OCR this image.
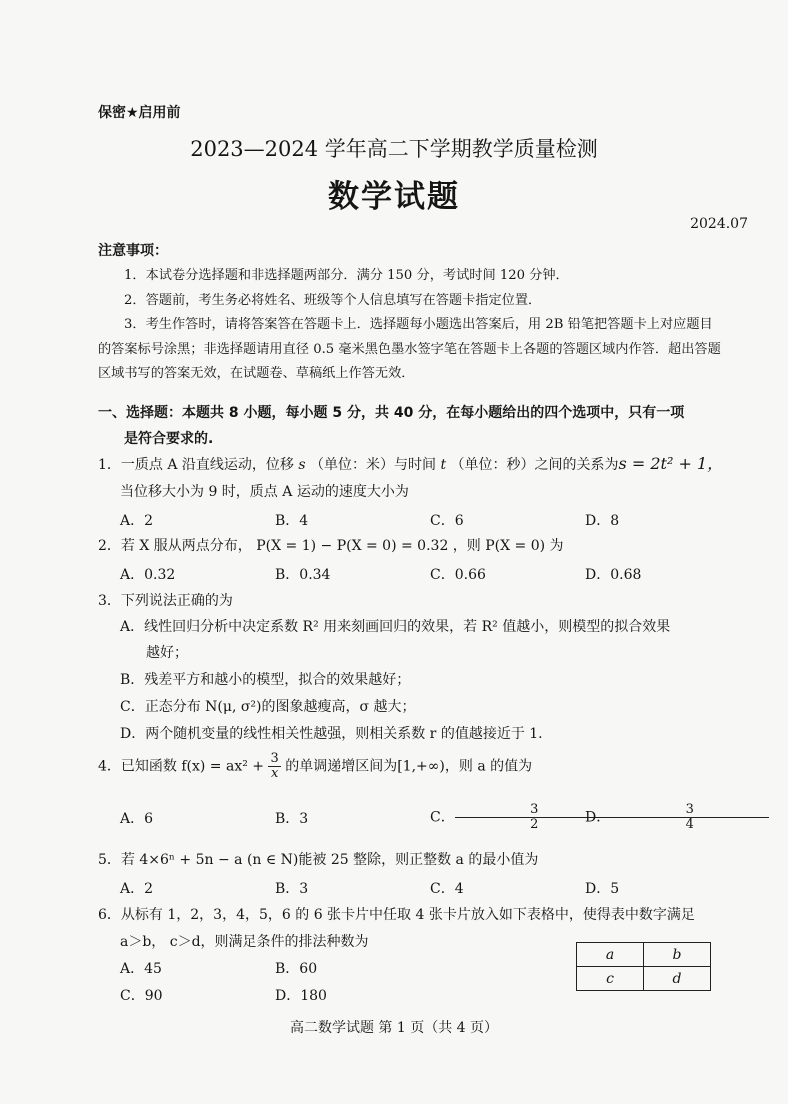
保密★启用前
2023—2024 学年高二下学期教学质量检测
数学试题
2024.07
注意事项：

1．本试卷分选择题和非选择题两部分．满分 150 分，考试时间 120 分钟．

2．答题前，考生务必将姓名、班级等个人信息填写在答题卡指定位置．

3．考生作答时，请将答案答在答题卡上．选择题每小题选出答案后，用 2B 铅笔把答题卡上对应题目的答案标号涂黑；非选择题请用直径 0.5 毫米黑色墨水签字笔在答题卡上各题的答题区域内作答．超出答题区域书写的答案无效，在试题卷、草稿纸上作答无效．

一、选择题：本题共 8 小题，每小题 5 分，共 40 分，在每小题给出的四个选项中，只有一项
是符合要求的.
1．一质点 A 沿直线运动，位移 s （单位：米）与时间 t （单位：秒）之间的关系为s = 2t² + 1，
当位移大小为 9 时，质点 A 运动的速度大小为
A．2	B．4	C．6	D．8
2．若 X 服从两点分布， P(X = 1) − P(X = 0) = 0.32 ，则 P(X = 0) 为
A．0.32	B．0.34	C．0.66	D．0.68
3．下列说法正确的为
A．线性回归分析中决定系数 R² 用来刻画回归的效果，若 R² 值越小，则模型的拟合效果
越好；
B．残差平方和越小的模型，拟合的效果越好；
C．正态分布 N(μ, σ²)的图象越瘦高，σ 越大；
D．两个随机变量的线性相关性越强，则相关系数 r 的值越接近于 1.
4．已知函数 $f(x) = ax^2 + \frac{3}{x}$ 的单调递增区间为[1,+∞)，则 a 的值为
A．6	B．3	C． $\frac{3}{2}$
D． $\frac{3}{4}$
5．若 4×6ⁿ + 5n − a (n ∈ N)能被 25 整除，则正整数 a 的最小值为
A．2	B．3	C．4	D．5
6．从标有 1，2，3，4，5，6 的 6 张卡片中任取 4 张卡片放入如下表格中，使得表中数字满足
a＞b， c＞d，则满足条件的排法种数为
A．45	B．60
C．90	D．180
a	b
c	d
高二数学试题 第 1 页（共 4 页）
